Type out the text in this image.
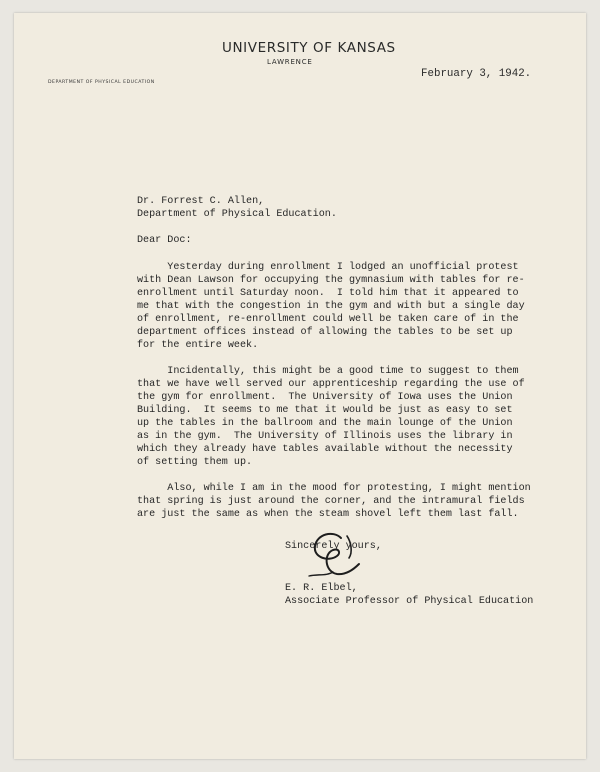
UNIVERSITY OF KANSAS
LAWRENCE
DEPARTMENT OF PHYSICAL EDUCATION
February 3, 1942.
Dr. Forrest C. Allen,
Department of Physical Education.
Dear Doc:
Yesterday during enrollment I lodged an unofficial protest
with Dean Lawson for occupying the gymnasium with tables for re-
enrollment until Saturday noon.  I told him that it appeared to
me that with the congestion in the gym and with but a single day
of enrollment, re-enrollment could well be taken care of in the
department offices instead of allowing the tables to be set up
for the entire week.
Incidentally, this might be a good time to suggest to them
that we have well served our apprenticeship regarding the use of
the gym for enrollment.  The University of Iowa uses the Union
Building.  It seems to me that it would be just as easy to set
up the tables in the ballroom and the main lounge of the Union
as in the gym.  The University of Illinois uses the library in
which they already have tables available without the necessity
of setting them up.
Also, while I am in the mood for protesting, I might mention
that spring is just around the corner, and the intramural fields
are just the same as when the steam shovel left them last fall.
Sincerely yours,
E. R. Elbel,
Associate Professor of Physical Education
